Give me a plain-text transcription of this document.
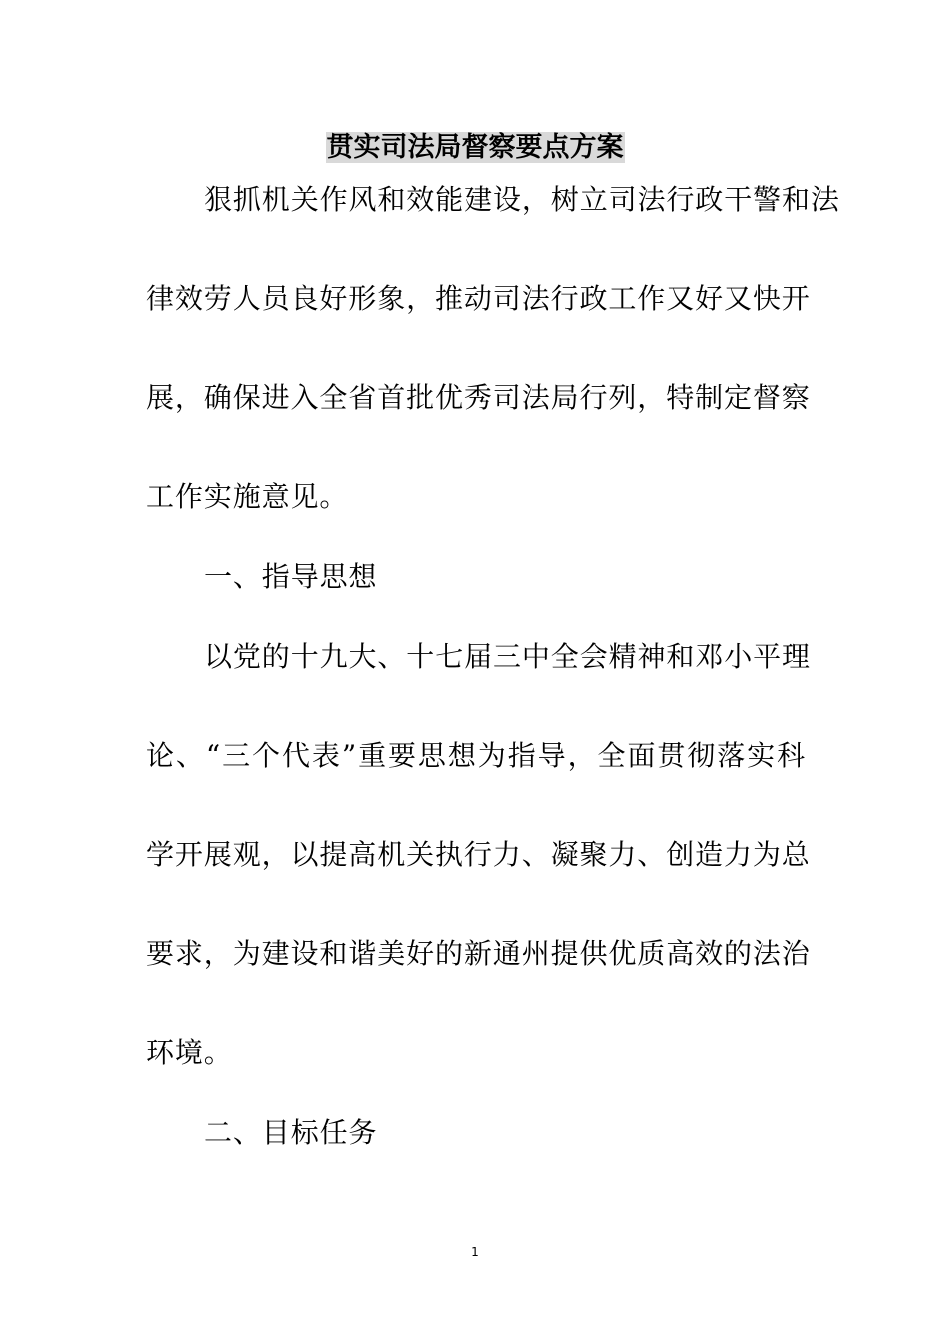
贯实司法局督察要点方案
狠抓机关作风和效能建设，树立司法行政干警和法
律效劳人员良好形象，推动司法行政工作又好又快开
展，确保进入全省首批优秀司法局行列，特制定督察
工作实施意见。
一、指导思想
以党的十九大、十七届三中全会精神和邓小平理
论、“三个代表”重要思想为指导，全面贯彻落实科
学开展观，以提高机关执行力、凝聚力、创造力为总
要求，为建设和谐美好的新通州提供优质高效的法治
环境。
二、目标任务
1
